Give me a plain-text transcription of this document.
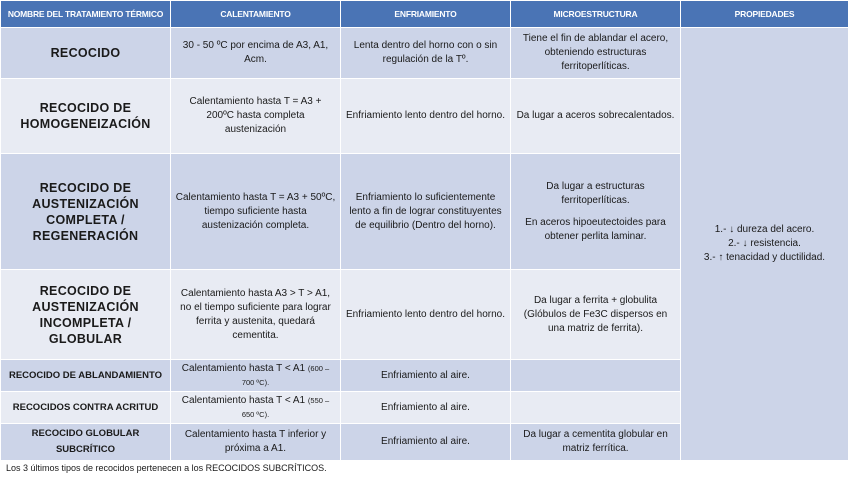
NOMBRE DEL TRATAMIENTO TÉRMICO	CALENTAMIENTO	ENFRIAMIENTO	MICROESTRUCTURA	PROPIEDADES
RECOCIDO	30 - 50 ºC por encima de A3, A1, Acm.	Lenta dentro del horno con o sin regulación de la Tº.	Tiene el fin de ablandar el acero, obteniendo estructuras ferritoperlíticas.	1.- ↓ dureza del acero.
2.- ↓ resistencia.
3.- ↑ tenacidad y ductilidad.

RECOCIDO DE HOMOGENEIZACIÓN	Calentamiento hasta T = A3 + 200ºC hasta completa austenización	Enfriamiento lento dentro del horno.	Da lugar a aceros sobrecalentados.	
RECOCIDO DE AUSTENIZACIÓN COMPLETA / REGENERACIÓN	Calentamiento hasta T = A3 + 50ºC, tiempo suficiente hasta austenización completa.	Enfriamiento lo suficientemente lento a fin de lograr constituyentes de equilibrio (Dentro del horno).	Da lugar a estructuras ferritoperlíticas.
En aceros hipoeutectoides para obtener perlita laminar.	
RECOCIDO DE AUSTENIZACIÓN INCOMPLETA / GLOBULAR	Calentamiento hasta A3 > T > A1, no el tiempo suficiente para lograr ferrita y austenita, quedará cementita.	Enfriamiento lento dentro del horno.	Da lugar a ferrita + globulita (Glóbulos de Fe3C dispersos en una matriz de ferrita).	
RECOCIDO DE ABLANDAMIENTO	Calentamiento hasta T < A1 (600 – 700 ºC).	Enfriamiento al aire.		
RECOCIDOS CONTRA ACRITUD	Calentamiento hasta T < A1 (550 – 650 ºC).	Enfriamiento al aire.		
RECOCIDO GLOBULAR SUBCRÍTICO	Calentamiento hasta T inferior y próxima a A1.	Enfriamiento al aire.	Da lugar a cementita globular en matriz ferrítica.	
Los 3 últimos tipos de recocidos pertenecen a los RECOCIDOS SUBCRÍTICOS.
